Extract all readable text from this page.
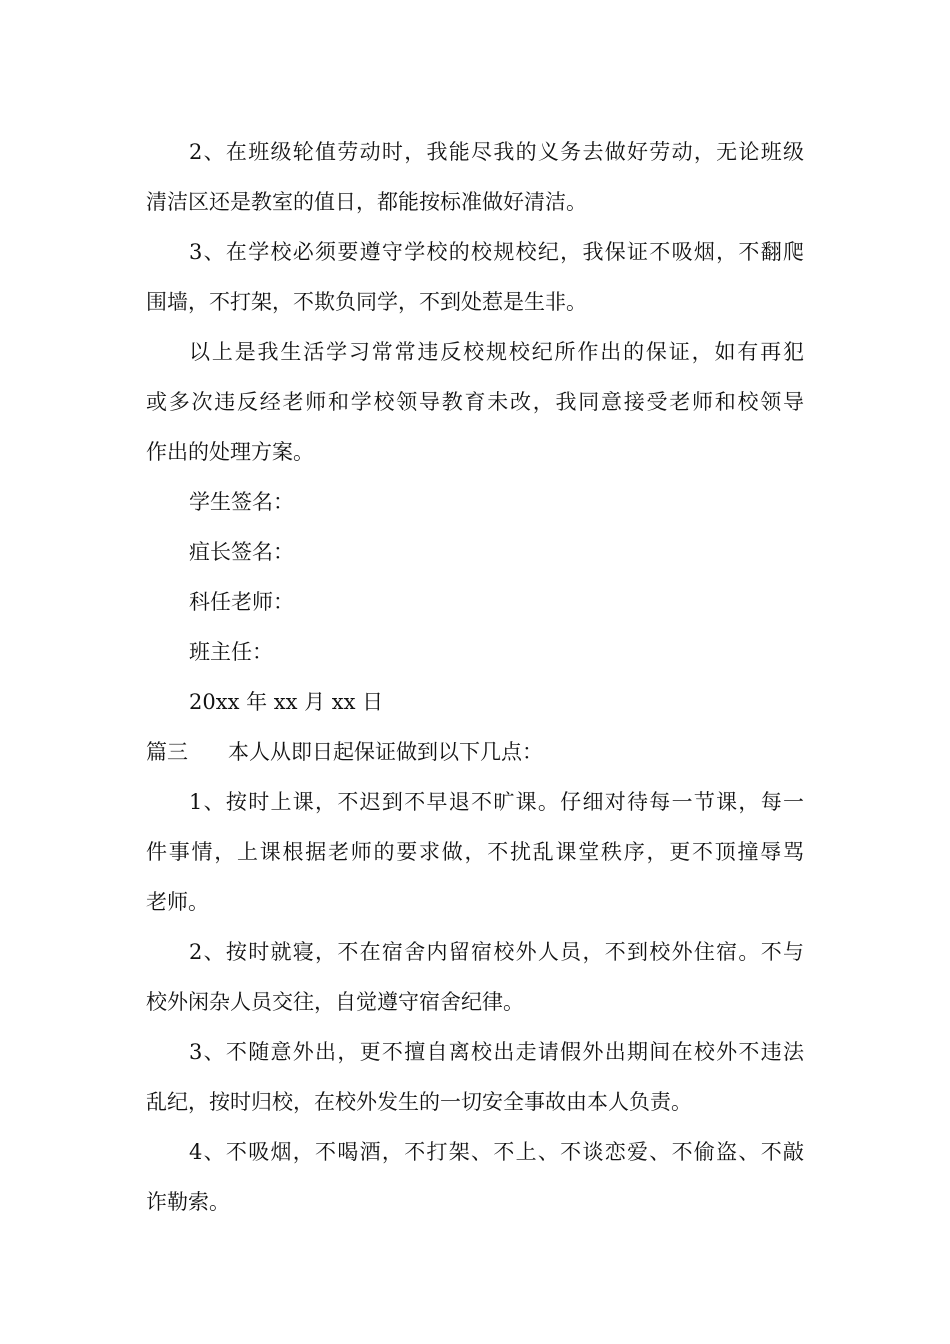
2、在班级轮值劳动时，我能尽我的义务去做好劳动，无论班级
清洁区还是教室的值日，都能按标准做好清洁。
3、在学校必须要遵守学校的校规校纪，我保证不吸烟，不翻爬
围墙，不打架，不欺负同学，不到处惹是生非。
以上是我生活学习常常违反校规校纪所作出的保证，如有再犯
或多次违反经老师和学校领导教育未改，我同意接受老师和校领导
作出的处理方案。
学生签名：
疽长签名：
科任老师：
班主任：
20xx 年 xx 月 xx 日
篇三 本人从即日起保证做到以下几点：
1、按时上课，不迟到不早退不旷课。仔细对待每一节课，每一
件事情，上课根据老师的要求做，不扰乱课堂秩序，更不顶撞辱骂
老师。
2、按时就寝，不在宿舍内留宿校外人员，不到校外住宿。不与
校外闲杂人员交往，自觉遵守宿舍纪律。
3、不随意外出，更不擅自离校出走请假外出期间在校外不违法
乱纪，按时归校，在校外发生的一切安全事故由本人负责。
4、不吸烟，不喝酒，不打架、不上、不谈恋爱、不偷盗、不敲
诈勒索。
